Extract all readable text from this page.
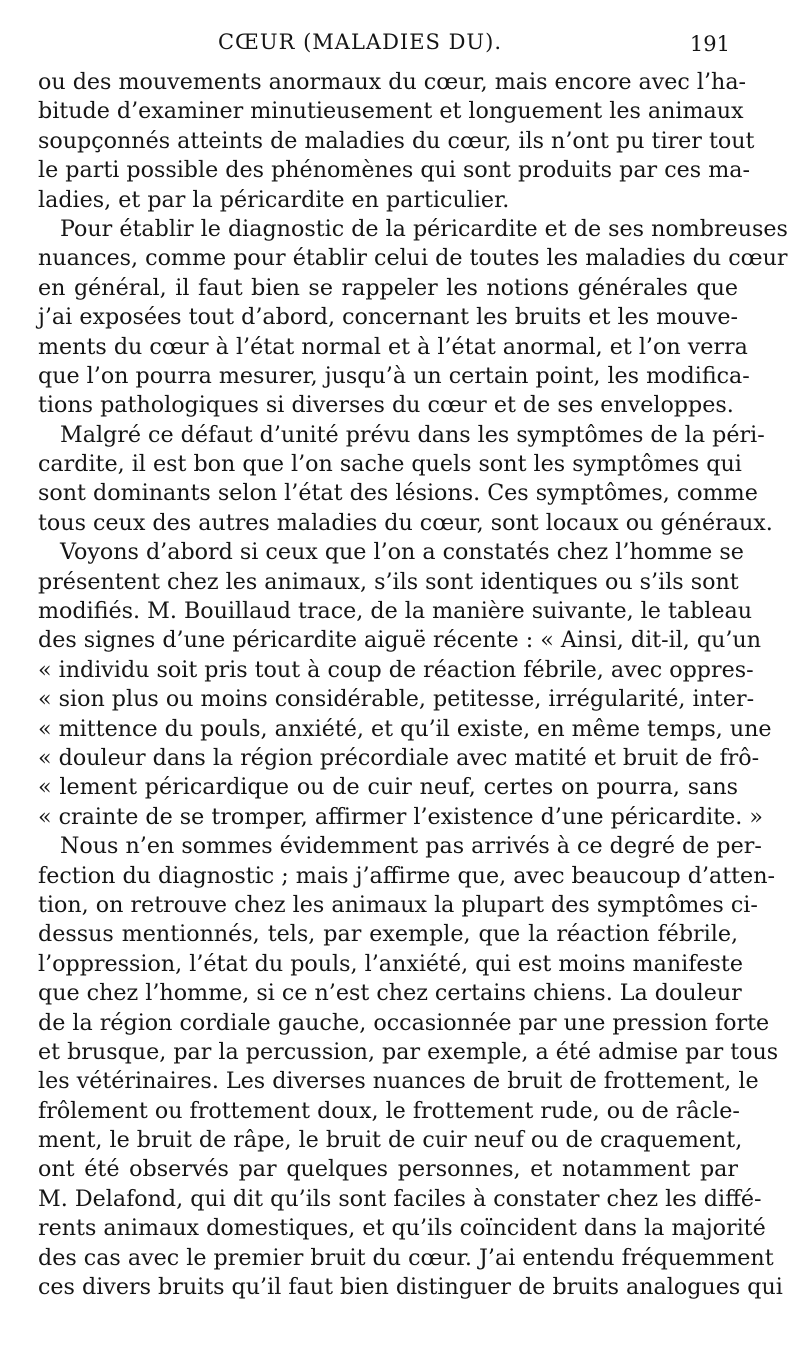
CŒUR (MALADIES DU).	191
ou des mouvements anormaux du cœur, mais encore avec l’ha-
bitude d’examiner minutieusement et longuement les animaux
soupçonnés atteints de maladies du cœur, ils n’ont pu tirer tout
le parti possible des phénomènes qui sont produits par ces ma-
ladies, et par la péricardite en particulier.
Pour établir le diagnostic de la péricardite et de ses nombreuses
nuances, comme pour établir celui de toutes les maladies du cœur
en général, il faut bien se rappeler les notions générales que
j’ai exposées tout d’abord, concernant les bruits et les mouve-
ments du cœur à l’état normal et à l’état anormal, et l’on verra
que l’on pourra mesurer, jusqu’à un certain point, les modifica-
tions pathologiques si diverses du cœur et de ses enveloppes.
Malgré ce défaut d’unité prévu dans les symptômes de la péri-
cardite, il est bon que l’on sache quels sont les symptômes qui
sont dominants selon l’état des lésions. Ces symptômes, comme
tous ceux des autres maladies du cœur, sont locaux ou généraux.
Voyons d’abord si ceux que l’on a constatés chez l’homme se
présentent chez les animaux, s’ils sont identiques ou s’ils sont
modifiés. M. Bouillaud trace, de la manière suivante, le tableau
des signes d’une péricardite aiguë récente : « Ainsi, dit-il, qu’un
« individu soit pris tout à coup de réaction fébrile, avec oppres-
« sion plus ou moins considérable, petitesse, irrégularité, inter-
« mittence du pouls, anxiété, et qu’il existe, en même temps, une
« douleur dans la région précordiale avec matité et bruit de frô-
« lement péricardique ou de cuir neuf, certes on pourra, sans
« crainte de se tromper, affirmer l’existence d’une péricardite. »
Nous n’en sommes évidemment pas arrivés à ce degré de per-
fection du diagnostic ; mais j’affirme que, avec beaucoup d’atten-
tion, on retrouve chez les animaux la plupart des symptômes ci-
dessus mentionnés, tels, par exemple, que la réaction fébrile,
l’oppression, l’état du pouls, l’anxiété, qui est moins manifeste
que chez l’homme, si ce n’est chez certains chiens. La douleur
de la région cordiale gauche, occasionnée par une pression forte
et brusque, par la percussion, par exemple, a été admise par tous
les vétérinaires. Les diverses nuances de bruit de frottement, le
frôlement ou frottement doux, le frottement rude, ou de râcle-
ment, le bruit de râpe, le bruit de cuir neuf ou de craquement,
ont été observés par quelques personnes, et notamment par
M. Delafond, qui dit qu’ils sont faciles à constater chez les diffé-
rents animaux domestiques, et qu’ils coïncident dans la majorité
des cas avec le premier bruit du cœur. J’ai entendu fréquemment
ces divers bruits qu’il faut bien distinguer de bruits analogues qui
